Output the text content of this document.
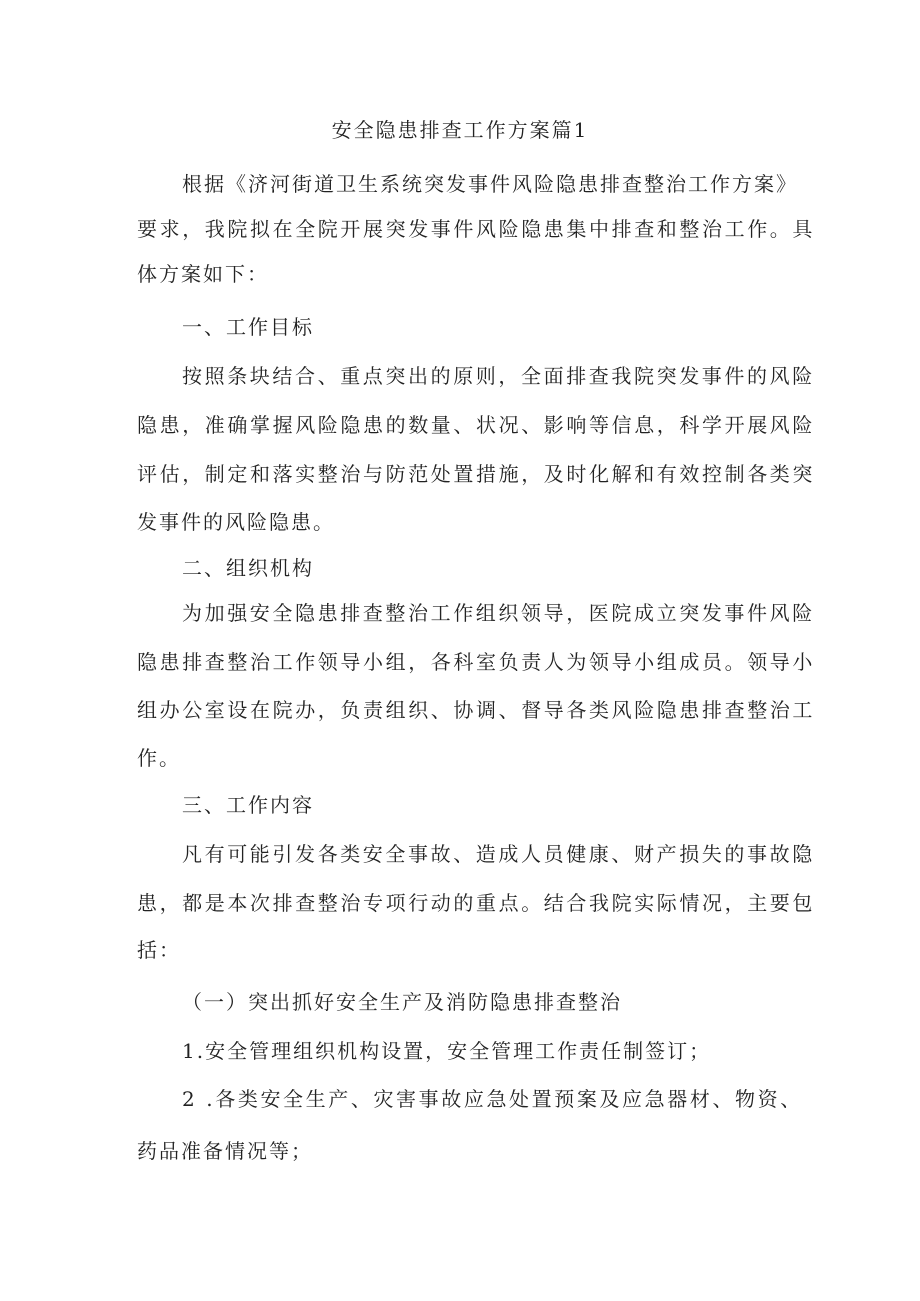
安全隐患排查工作方案篇1
根据《济河街道卫生系统突发事件风险隐患排查整治工作方案》
要求，我院拟在全院开展突发事件风险隐患集中排查和整治工作。具
体方案如下：
一、工作目标
按照条块结合、重点突出的原则，全面排查我院突发事件的风险
隐患，准确掌握风险隐患的数量、状况、影响等信息，科学开展风险
评估，制定和落实整治与防范处置措施，及时化解和有效控制各类突
发事件的风险隐患。
二、组织机构
为加强安全隐患排查整治工作组织领导，医院成立突发事件风险
隐患排查整治工作领导小组，各科室负责人为领导小组成员。领导小
组办公室设在院办，负责组织、协调、督导各类风险隐患排查整治工
作。
三、工作内容
凡有可能引发各类安全事故、造成人员健康、财产损失的事故隐
患，都是本次排查整治专项行动的重点。结合我院实际情况，主要包
括：
（一）突出抓好安全生产及消防隐患排查整治
1.安全管理组织机构设置，安全管理工作责任制签订；
2 .各类安全生产、灾害事故应急处置预案及应急器材、物资、
药品准备情况等；
